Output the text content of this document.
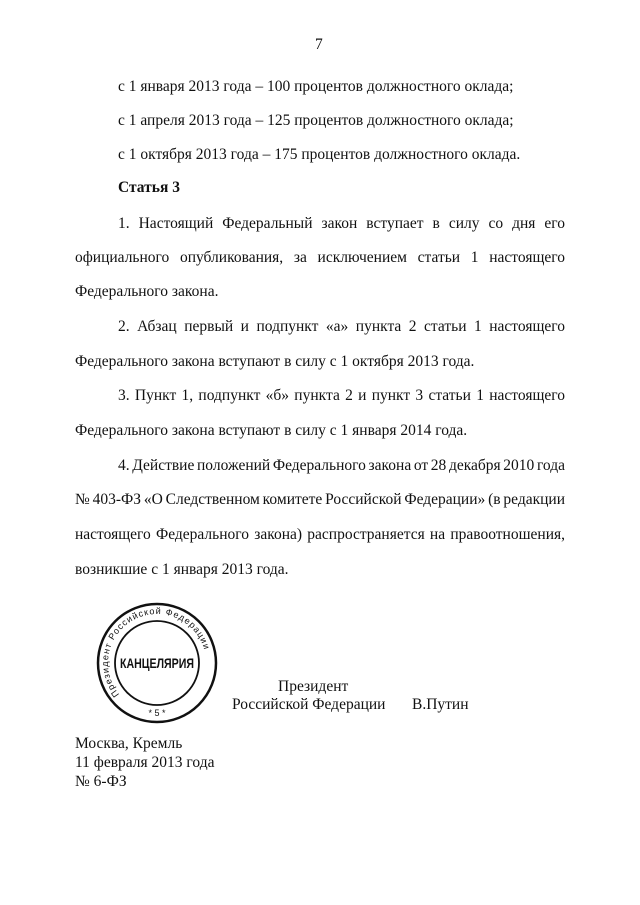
7
с 1 января 2013 года – 100 процентов должностного оклада;
с 1 апреля 2013 года – 125 процентов должностного оклада;
с 1 октября 2013 года – 175 процентов должностного оклада.
Статья 3
1. Настоящий Федеральный закон вступает в силу со дня его
официального опубликования, за исключением статьи 1 настоящего
Федерального закона.
2. Абзац первый и подпункт «а» пункта 2 статьи 1 настоящего
Федерального закона вступают в силу с 1 октября 2013 года.
3. Пункт 1, подпункт «б» пункта 2 и пункт 3 статьи 1 настоящего
Федерального закона вступают в силу с 1 января 2014 года.
4. Действие положений Федерального закона от 28 декабря 2010 года
№ 403-ФЗ «О Следственном комитете Российской Федерации» (в редакции
настоящего Федерального закона) распространяется на правоотношения,
возникшие с 1 января 2013 года.
Президент
Российской Федерации В.Путин
Президент Российской Федерации
* 5 *
КАНЦЕЛЯРИЯ
Москва, Кремль
11 февраля 2013 года
№ 6-ФЗ
